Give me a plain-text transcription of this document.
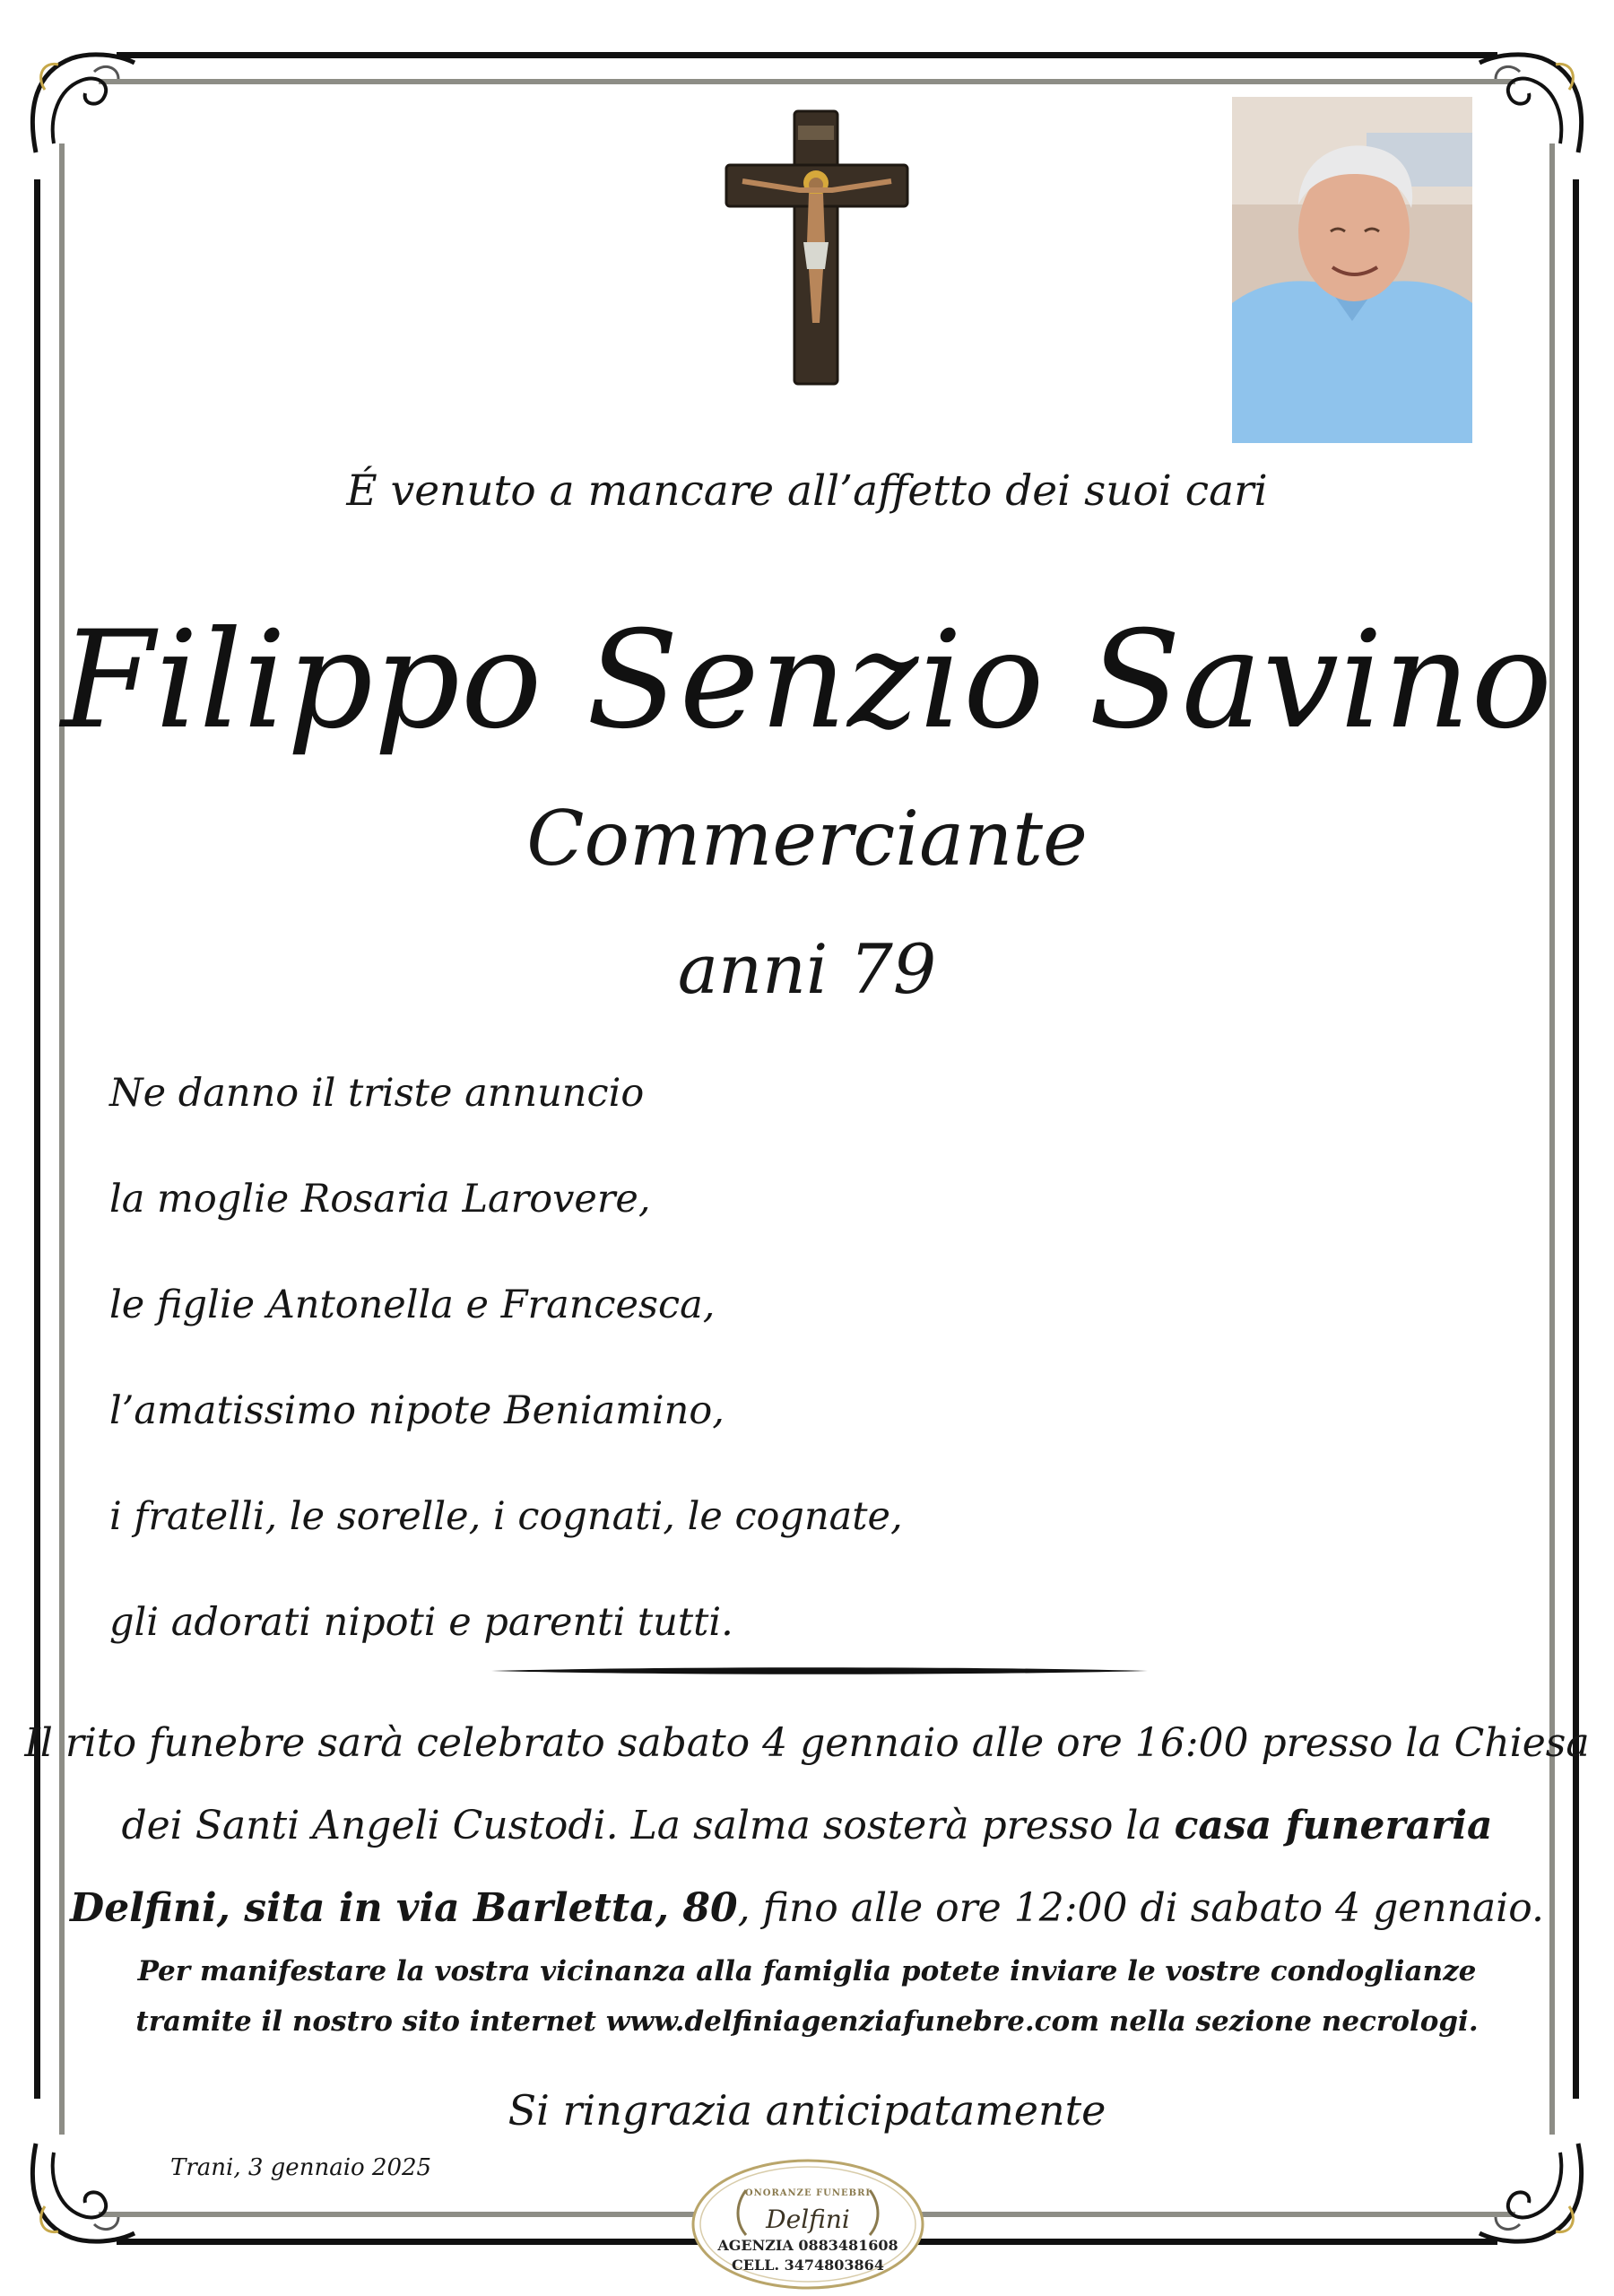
É venuto a mancare all’affetto dei suoi cari
Filippo Senzio Savino
Commerciante
anni 79
Ne danno il triste annuncio
la moglie Rosaria Larovere,
le figlie Antonella e Francesca,
l’amatissimo nipote Beniamino,
i fratelli, le sorelle, i cognati, le cognate,
gli adorati nipoti e parenti tutti.
Il rito funebre sarà celebrato sabato 4 gennaio alle ore 16:00 presso la Chiesa
dei Santi Angeli Custodi. La salma sosterà presso la casa funeraria
Delfini, sita in via Barletta, 80, fino alle ore 12:00 di sabato 4 gennaio.
Per manifestare la vostra vicinanza alla famiglia potete inviare le vostre condoglianze
tramite il nostro sito internet www.delfiniagenziafunebre.com nella sezione necrologi.
Si ringrazia anticipatamente
Trani, 3 gennaio 2025
ONORANZE FUNEBRI
Delfini
AGENZIA 0883481608
CELL. 3474803864
